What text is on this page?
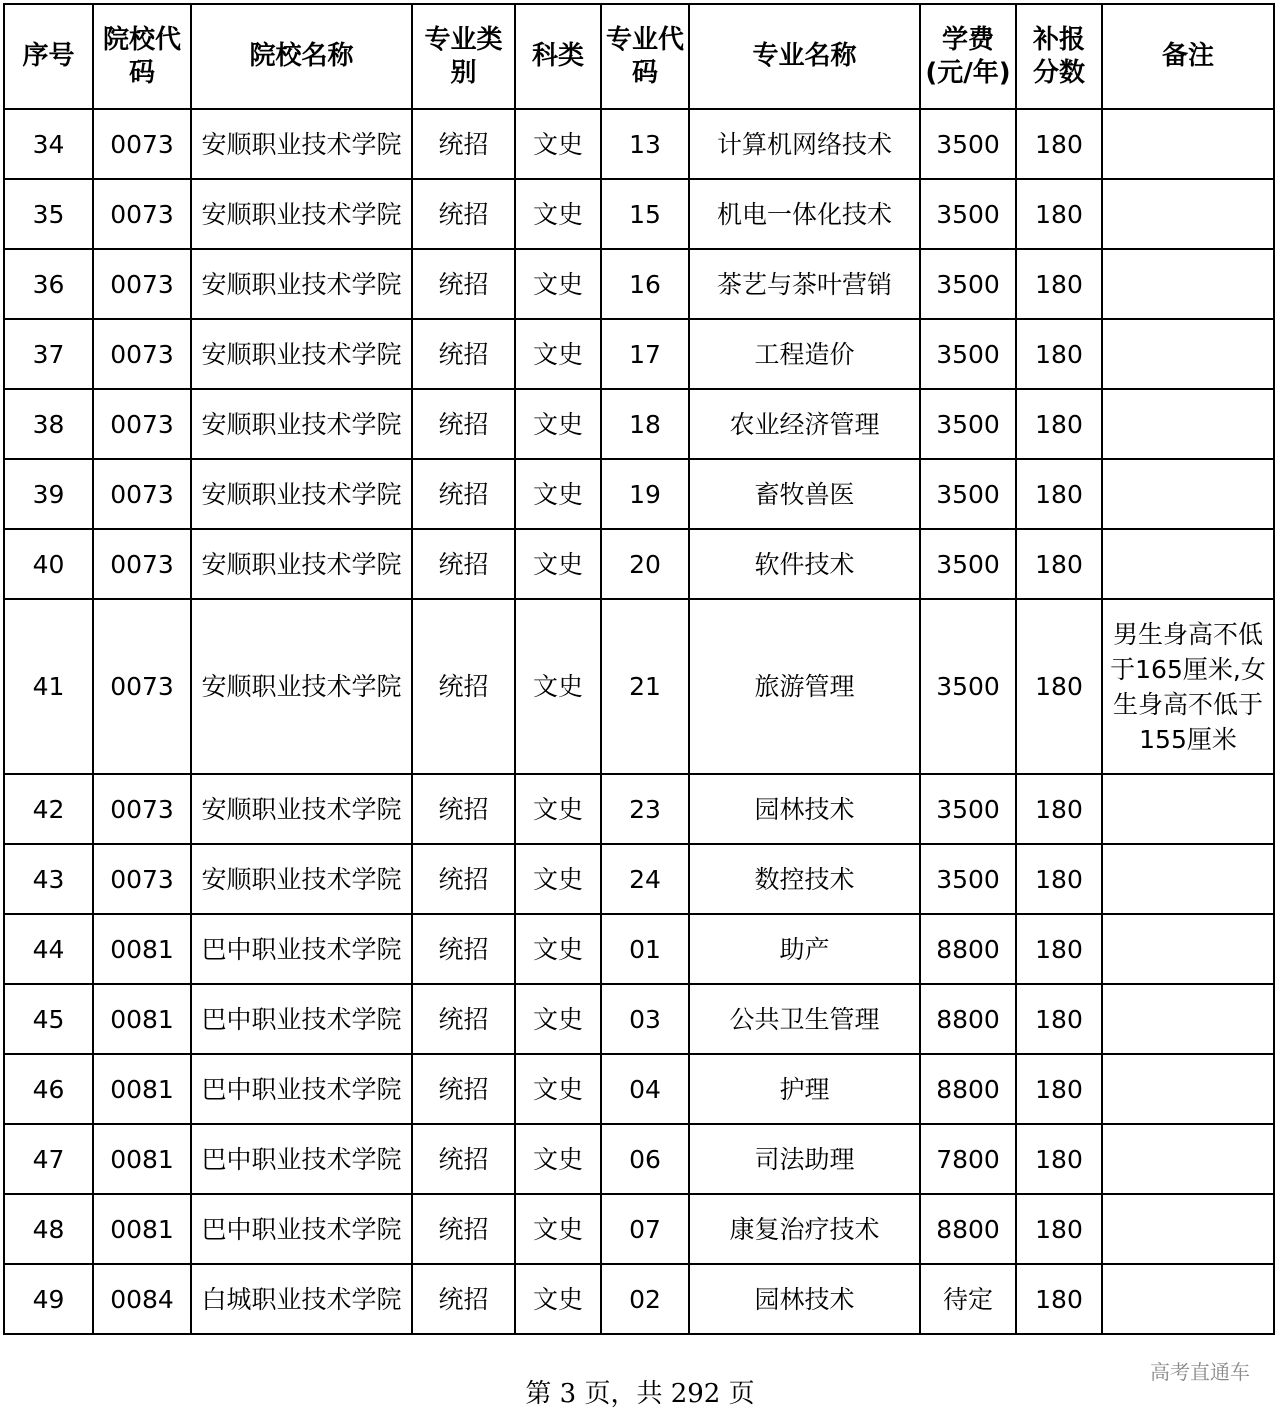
序号	院校代码	院校名称	专业类别	科类	专业代码	专业名称	学费(元/年)	补报分数	备注
34	0073	安顺职业技术学院	统招	文史	13	计算机网络技术	3500	180	
35	0073	安顺职业技术学院	统招	文史	15	机电一体化技术	3500	180	
36	0073	安顺职业技术学院	统招	文史	16	茶艺与茶叶营销	3500	180	
37	0073	安顺职业技术学院	统招	文史	17	工程造价	3500	180	
38	0073	安顺职业技术学院	统招	文史	18	农业经济管理	3500	180	
39	0073	安顺职业技术学院	统招	文史	19	畜牧兽医	3500	180	
40	0073	安顺职业技术学院	统招	文史	20	软件技术	3500	180	
41	0073	安顺职业技术学院	统招	文史	21	旅游管理	3500	180	男生身高不低于165厘米,女生身高不低于155厘米
42	0073	安顺职业技术学院	统招	文史	23	园林技术	3500	180	
43	0073	安顺职业技术学院	统招	文史	24	数控技术	3500	180	
44	0081	巴中职业技术学院	统招	文史	01	助产	8800	180	
45	0081	巴中职业技术学院	统招	文史	03	公共卫生管理	8800	180	
46	0081	巴中职业技术学院	统招	文史	04	护理	8800	180	
47	0081	巴中职业技术学院	统招	文史	06	司法助理	7800	180	
48	0081	巴中职业技术学院	统招	文史	07	康复治疗技术	8800	180	
49	0084	白城职业技术学院	统招	文史	02	园林技术	待定	180	
第 3 页，共 292 页
高考直通车
